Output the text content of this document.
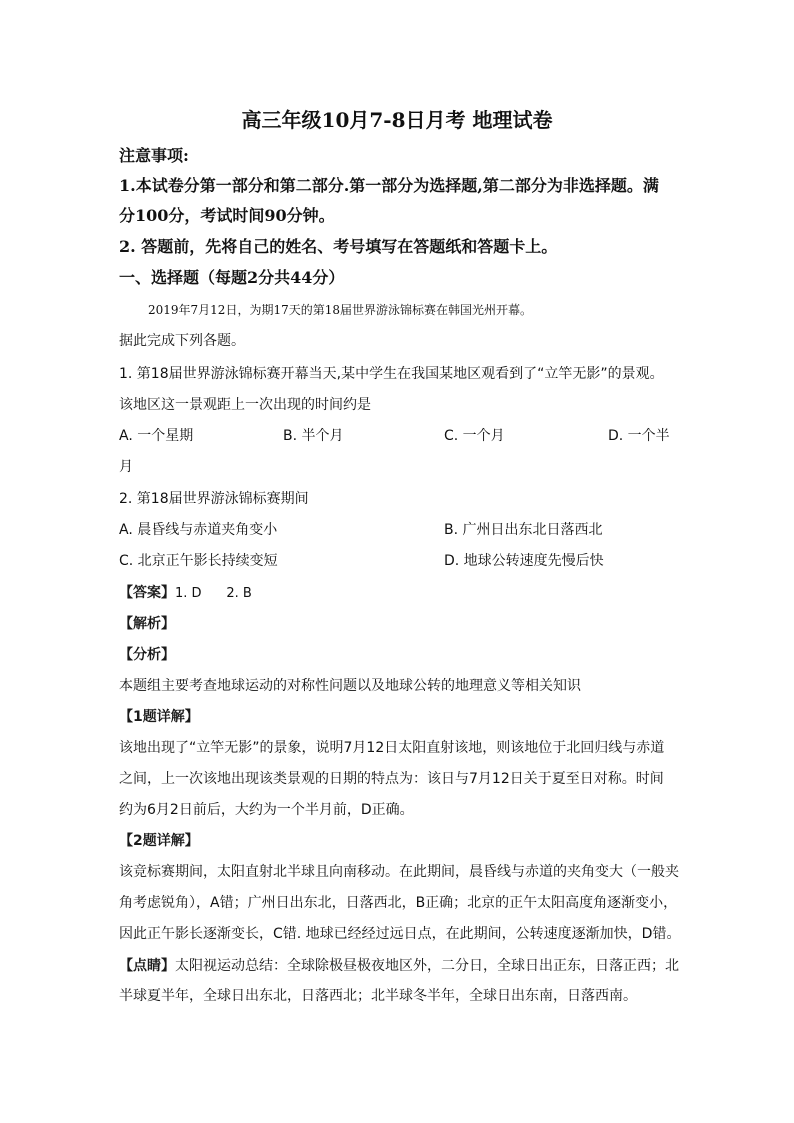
高三年级10月7-8日月考 地理试卷
注意事项:
1.本试卷分第一部分和第二部分.第一部分为选择题,第二部分为非选择题。满
分100分，考试时间90分钟。
2. 答题前，先将自己的姓名、考号填写在答题纸和答题卡上。
一、选择题（每题2分共44分）
2019年7月12日，为期17天的第18届世界游泳锦标赛在韩国光州开幕。
据此完成下列各题。
1. 第18届世界游泳锦标赛开幕当天,某中学生在我国某地区观看到了“立竿无影”的景观。
该地区这一景观距上一次出现的时间约是
A. 一个星期	B. 半个月	C. 一个月	D. 一个半
月
2. 第18届世界游泳锦标赛期间
A. 晨昏线与赤道夹角变小	B. 广州日出东北日落西北
C. 北京正午影长持续变短	D. 地球公转速度先慢后快
【答案】1. D      2. B
【解析】
【分析】
本题组主要考查地球运动的对称性问题以及地球公转的地理意义等相关知识
【1题详解】
该地出现了“立竿无影”的景象，说明7月12日太阳直射该地，则该地位于北回归线与赤道
之间，上一次该地出现该类景观的日期的特点为：该日与7月12日关于夏至日对称。时间
约为6月2日前后，大约为一个半月前，D正确。
【2题详解】
该竞标赛期间，太阳直射北半球且向南移动。在此期间，晨昏线与赤道的夹角变大（一般夹
角考虑锐角），A错；广州日出东北，日落西北，B正确；北京的正午太阳高度角逐渐变小，
因此正午影长逐渐变长，C错. 地球已经经过远日点，在此期间，公转速度逐渐加快，D错。
【点睛】太阳视运动总结：全球除极昼极夜地区外，二分日，全球日出正东，日落正西；北
半球夏半年，全球日出东北，日落西北；北半球冬半年，全球日出东南，日落西南。
